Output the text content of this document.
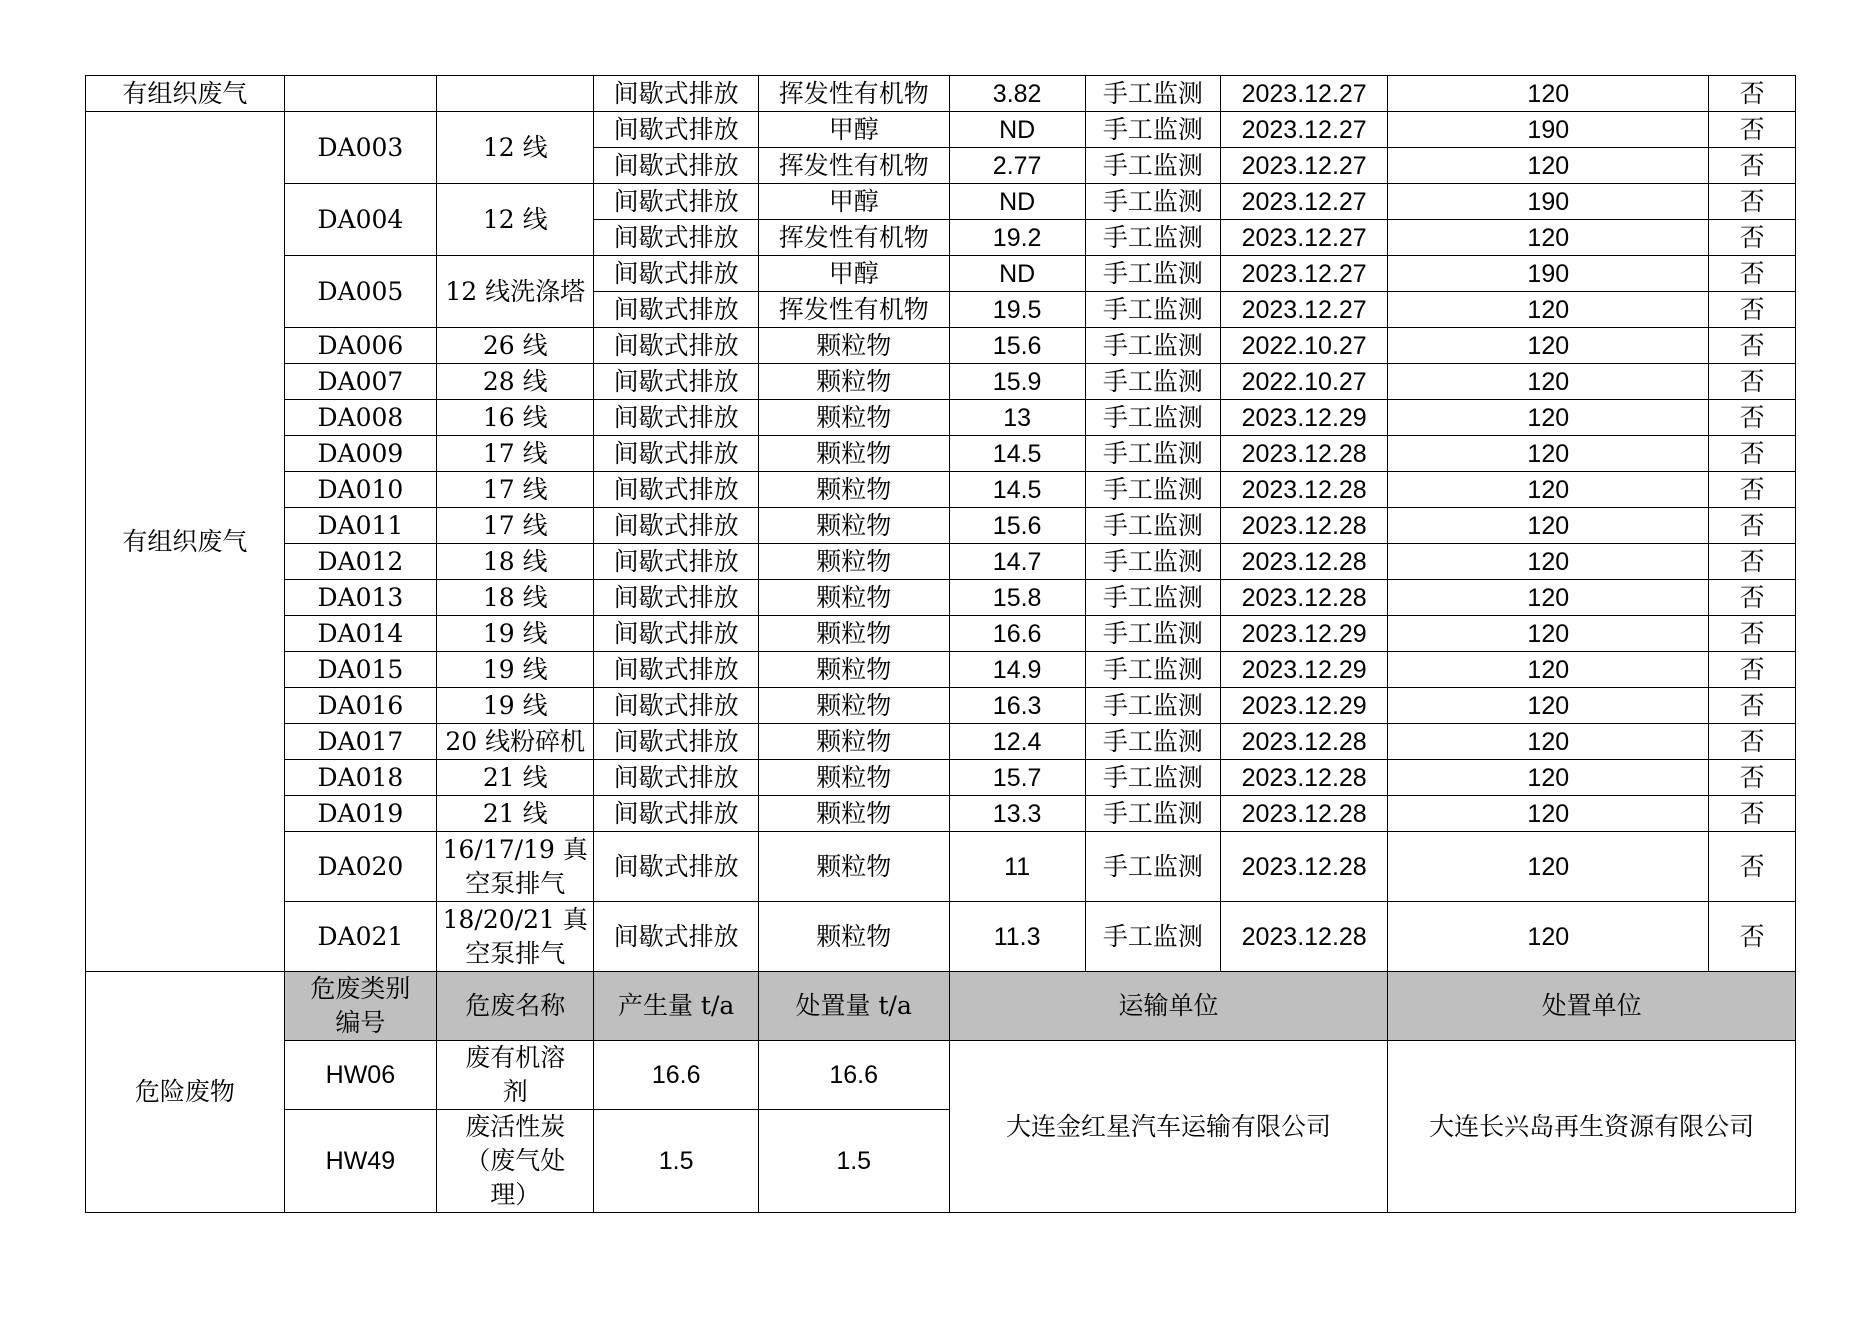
有组织废气			间歇式排放	挥发性有机物	3.82	手工监测	2023.12.27	120	否
有组织废气	DA003	12 线	间歇式排放	甲醇	ND	手工监测	2023.12.27	190	否
			间歇式排放	挥发性有机物	2.77	手工监测	2023.12.27	120	否
	DA004	12 线	间歇式排放	甲醇	ND	手工监测	2023.12.27	190	否
			间歇式排放	挥发性有机物	19.2	手工监测	2023.12.27	120	否
	DA005	12 线洗涤塔	间歇式排放	甲醇	ND	手工监测	2023.12.27	190	否
			间歇式排放	挥发性有机物	19.5	手工监测	2023.12.27	120	否
	DA006	26 线	间歇式排放	颗粒物	15.6	手工监测	2022.10.27	120	否
	DA007	28 线	间歇式排放	颗粒物	15.9	手工监测	2022.10.27	120	否
	DA008	16 线	间歇式排放	颗粒物	13	手工监测	2023.12.29	120	否
	DA009	17 线	间歇式排放	颗粒物	14.5	手工监测	2023.12.28	120	否
	DA010	17 线	间歇式排放	颗粒物	14.5	手工监测	2023.12.28	120	否
	DA011	17 线	间歇式排放	颗粒物	15.6	手工监测	2023.12.28	120	否
	DA012	18 线	间歇式排放	颗粒物	14.7	手工监测	2023.12.28	120	否
	DA013	18 线	间歇式排放	颗粒物	15.8	手工监测	2023.12.28	120	否
	DA014	19 线	间歇式排放	颗粒物	16.6	手工监测	2023.12.29	120	否
	DA015	19 线	间歇式排放	颗粒物	14.9	手工监测	2023.12.29	120	否
	DA016	19 线	间歇式排放	颗粒物	16.3	手工监测	2023.12.29	120	否
	DA017	20 线粉碎机	间歇式排放	颗粒物	12.4	手工监测	2023.12.28	120	否
	DA018	21 线	间歇式排放	颗粒物	15.7	手工监测	2023.12.28	120	否
	DA019	21 线	间歇式排放	颗粒物	13.3	手工监测	2023.12.28	120	否
	DA020	16/17/19 真
空泵排气	间歇式排放	颗粒物	11	手工监测	2023.12.28	120	否
	DA021	18/20/21 真
空泵排气	间歇式排放	颗粒物	11.3	手工监测	2023.12.28	120	否
危险废物	危废类别
编号	危废名称	产生量 t/a	处置量 t/a	运输单位			处置单位	
	HW06	废有机溶
剂	16.6	16.6	大连金红星汽车运输有限公司			大连长兴岛再生资源有限公司	
	HW49	废活性炭
（废气处
理）	1.5	1.5					
